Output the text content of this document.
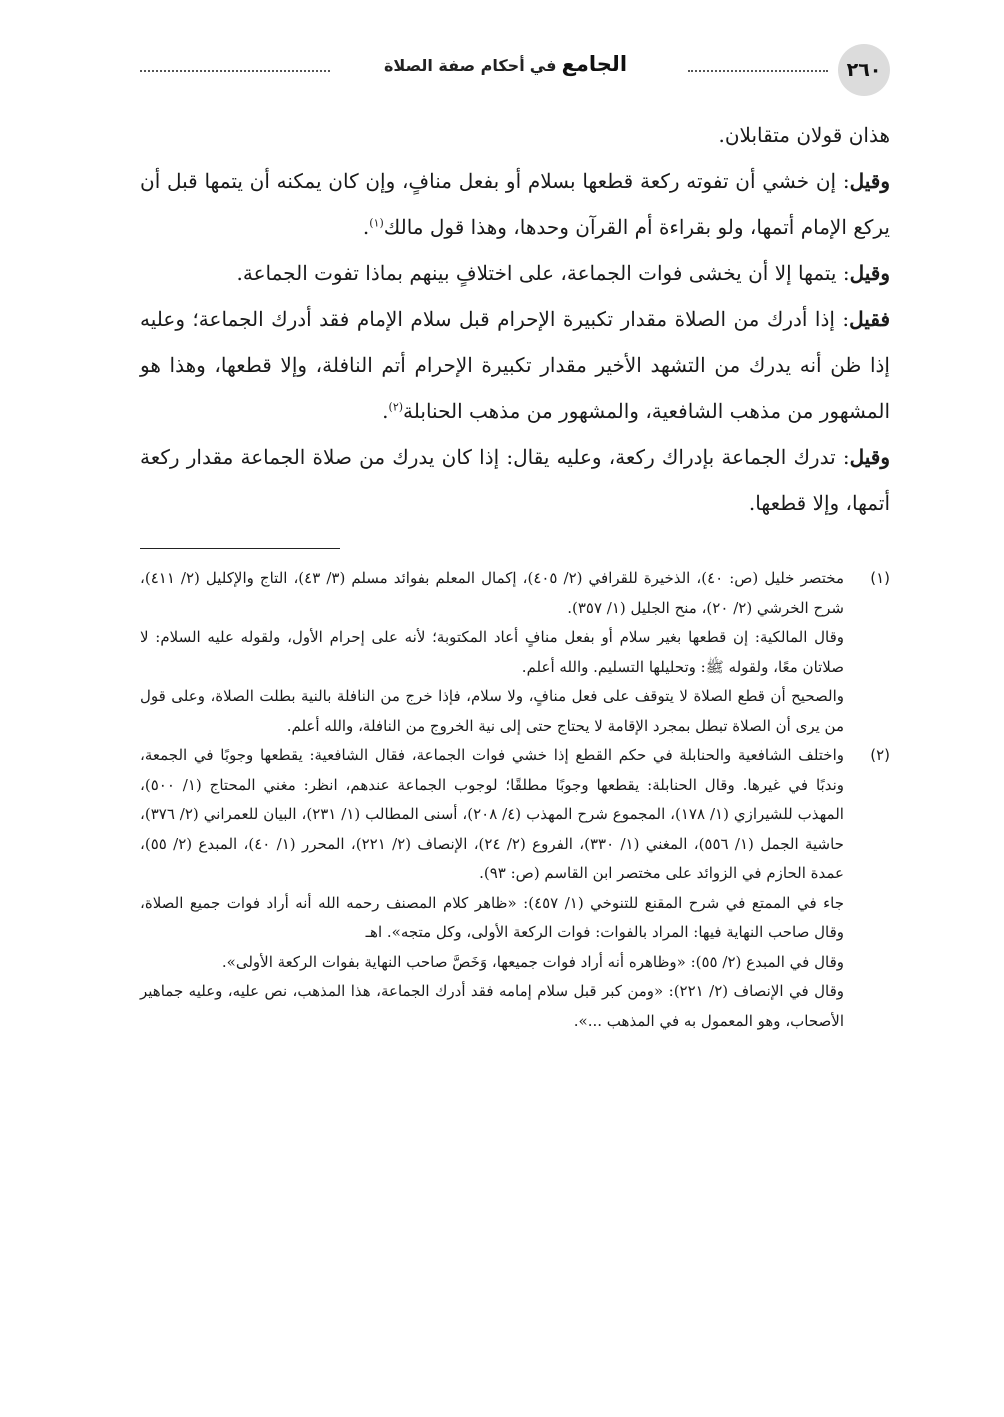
٢٦٠
الجامع في أحكام صفة الصلاة

هذان قولان متقابلان.

وقيل: إن خشي أن تفوته ركعة قطعها بسلام أو بفعل منافٍ، وإن كان يمكنه أن يتمها قبل أن يركع الإمام أتمها، ولو بقراءة أم القرآن وحدها، وهذا قول مالك$^{(١)}$.

وقيل: يتمها إلا أن يخشى فوات الجماعة، على اختلافٍ بينهم بماذا تفوت الجماعة.

فقيل: إذا أدرك من الصلاة مقدار تكبيرة الإحرام قبل سلام الإمام فقد أدرك الجماعة؛ وعليه إذا ظن أنه يدرك من التشهد الأخير مقدار تكبيرة الإحرام أتم النافلة، وإلا قطعها، وهذا هو المشهور من مذهب الشافعية، والمشهور من مذهب الحنابلة$^{(٢)}$.

وقيل: تدرك الجماعة بإدراك ركعة، وعليه يقال: إذا كان يدرك من صلاة الجماعة مقدار ركعة أتمها، وإلا قطعها.

(١)

مختصر خليل (ص: ٤٠)، الذخيرة للقرافي (٢/ ٤٠٥)، إكمال المعلم بفوائد مسلم (٣/ ٤٣)، التاج والإكليل (٢/ ٤١١)، شرح الخرشي (٢/ ٢٠)، منح الجليل (١/ ٣٥٧).

وقال المالكية: إن قطعها بغير سلام أو بفعل منافٍ أعاد المكتوبة؛ لأنه على إحرام الأول، ولقوله عليه السلام: لا صلاتان معًا، ولقوله ﷺ: وتحليلها التسليم. والله أعلم.

والصحيح أن قطع الصلاة لا يتوقف على فعل منافٍ، ولا سلام، فإذا خرج من النافلة بالنية بطلت الصلاة، وعلى قول من يرى أن الصلاة تبطل بمجرد الإقامة لا يحتاج حتى إلى نية الخروج من النافلة، والله أعلم.

(٢)

واختلف الشافعية والحنابلة في حكم القطع إذا خشي فوات الجماعة، فقال الشافعية: يقطعها وجوبًا في الجمعة، وندبًا في غيرها. وقال الحنابلة: يقطعها وجوبًا مطلقًا؛ لوجوب الجماعة عندهم، انظر: مغني المحتاج (١/ ٥٠٠)، المهذب للشيرازي (١/ ١٧٨)، المجموع شرح المهذب (٤/ ٢٠٨)، أسنى المطالب (١/ ٢٣١)، البيان للعمراني (٢/ ٣٧٦)، حاشية الجمل (١/ ٥٥٦)، المغني (١/ ٣٣٠)، الفروع (٢/ ٢٤)، الإنصاف (٢/ ٢٢١)، المحرر (١/ ٤٠)، المبدع (٢/ ٥٥)، عمدة الحازم في الزوائد على مختصر ابن القاسم (ص: ٩٣).

جاء في الممتع في شرح المقنع للتنوخي (١/ ٤٥٧): «ظاهر كلام المصنف رحمه الله أنه أراد فوات جميع الصلاة، وقال صاحب النهاية فيها: المراد بالفوات: فوات الركعة الأولى، وكل متجه». اهـ

وقال في المبدع (٢/ ٥٥): «وظاهره أنه أراد فوات جميعها، وَخَصَّ صاحب النهاية بفوات الركعة الأولى».

وقال في الإنصاف (٢/ ٢٢١): «ومن كبر قبل سلام إمامه فقد أدرك الجماعة، هذا المذهب، نص عليه، وعليه جماهير الأصحاب، وهو المعمول به في المذهب ...».
